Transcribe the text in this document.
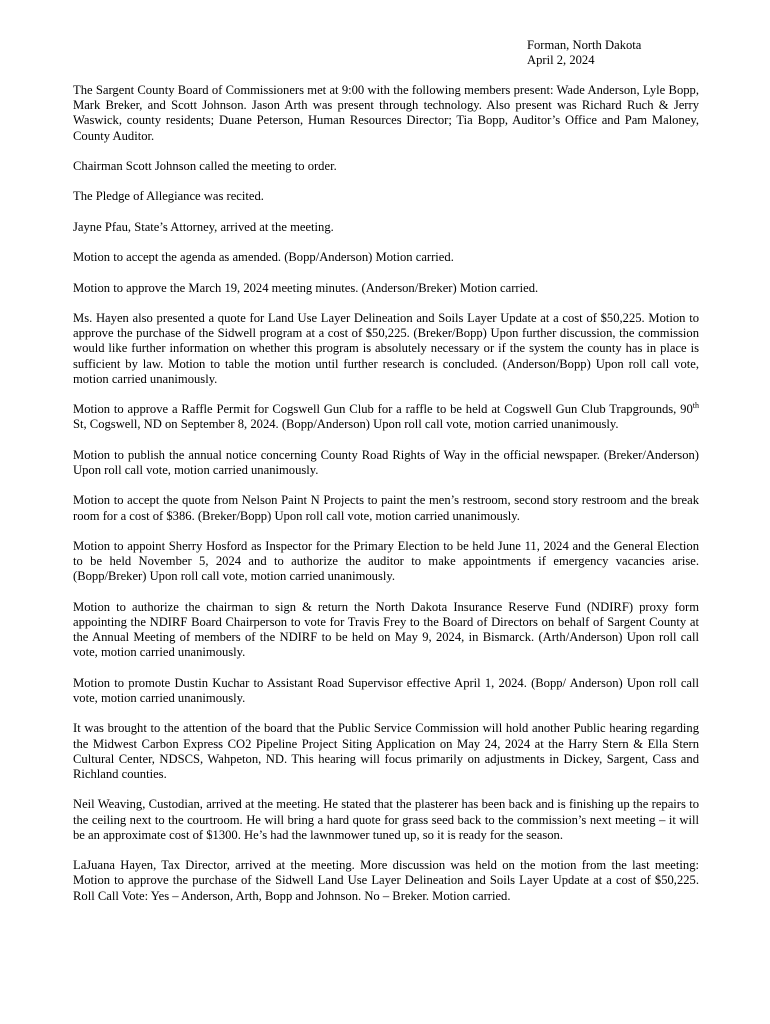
Forman, North Dakota
April 2, 2024

The Sargent County Board of Commissioners met at 9:00 with the following members present: Wade Anderson, Lyle Bopp, Mark Breker, and Scott Johnson. Jason Arth was present through technology. Also present was Richard Ruch & Jerry Waswick, county residents; Duane Peterson, Human Resources Director; Tia Bopp, Auditor’s Office and Pam Maloney, County Auditor.

Chairman Scott Johnson called the meeting to order.

The Pledge of Allegiance was recited.

Jayne Pfau, State’s Attorney, arrived at the meeting.

Motion to accept the agenda as amended. (Bopp/Anderson) Motion carried.

Motion to approve the March 19, 2024 meeting minutes. (Anderson/Breker) Motion carried.

Ms. Hayen also presented a quote for Land Use Layer Delineation and Soils Layer Update at a cost of $50,225. Motion to approve the purchase of the Sidwell program at a cost of $50,225. (Breker/Bopp) Upon further discussion, the commission would like further information on whether this program is absolutely necessary or if the system the county has in place is sufficient by law. Motion to table the motion until further research is concluded. (Anderson/Bopp) Upon roll call vote, motion carried unanimously.

Motion to approve a Raffle Permit for Cogswell Gun Club for a raffle to be held at Cogswell Gun Club Trapgrounds, 90th St, Cogswell, ND on September 8, 2024. (Bopp/Anderson) Upon roll call vote, motion carried unanimously.

Motion to publish the annual notice concerning County Road Rights of Way in the official newspaper. (Breker/Anderson) Upon roll call vote, motion carried unanimously.

Motion to accept the quote from Nelson Paint N Projects to paint the men’s restroom, second story restroom and the break room for a cost of $386. (Breker/Bopp) Upon roll call vote, motion carried unanimously.

Motion to appoint Sherry Hosford as Inspector for the Primary Election to be held June 11, 2024 and the General Election to be held November 5, 2024 and to authorize the auditor to make appointments if emergency vacancies arise. (Bopp/Breker) Upon roll call vote, motion carried unanimously.

Motion to authorize the chairman to sign & return the North Dakota Insurance Reserve Fund (NDIRF) proxy form appointing the NDIRF Board Chairperson to vote for Travis Frey to the Board of Directors on behalf of Sargent County at the Annual Meeting of members of the NDIRF to be held on May 9, 2024, in Bismarck. (Arth/Anderson) Upon roll call vote, motion carried unanimously.

Motion to promote Dustin Kuchar to Assistant Road Supervisor effective April 1, 2024. (Bopp/ Anderson) Upon roll call vote, motion carried unanimously.

It was brought to the attention of the board that the Public Service Commission will hold another Public hearing regarding the Midwest Carbon Express CO2 Pipeline Project Siting Application on May 24, 2024 at the Harry Stern & Ella Stern Cultural Center, NDSCS, Wahpeton, ND. This hearing will focus primarily on adjustments in Dickey, Sargent, Cass and Richland counties.

Neil Weaving, Custodian, arrived at the meeting. He stated that the plasterer has been back and is finishing up the repairs to the ceiling next to the courtroom. He will bring a hard quote for grass seed back to the commission’s next meeting – it will be an approximate cost of $1300. He’s had the lawnmower tuned up, so it is ready for the season.

LaJuana Hayen, Tax Director, arrived at the meeting. More discussion was held on the motion from the last meeting: Motion to approve the purchase of the Sidwell Land Use Layer Delineation and Soils Layer Update at a cost of $50,225. Roll Call Vote: Yes – Anderson, Arth, Bopp and Johnson. No – Breker. Motion carried.
